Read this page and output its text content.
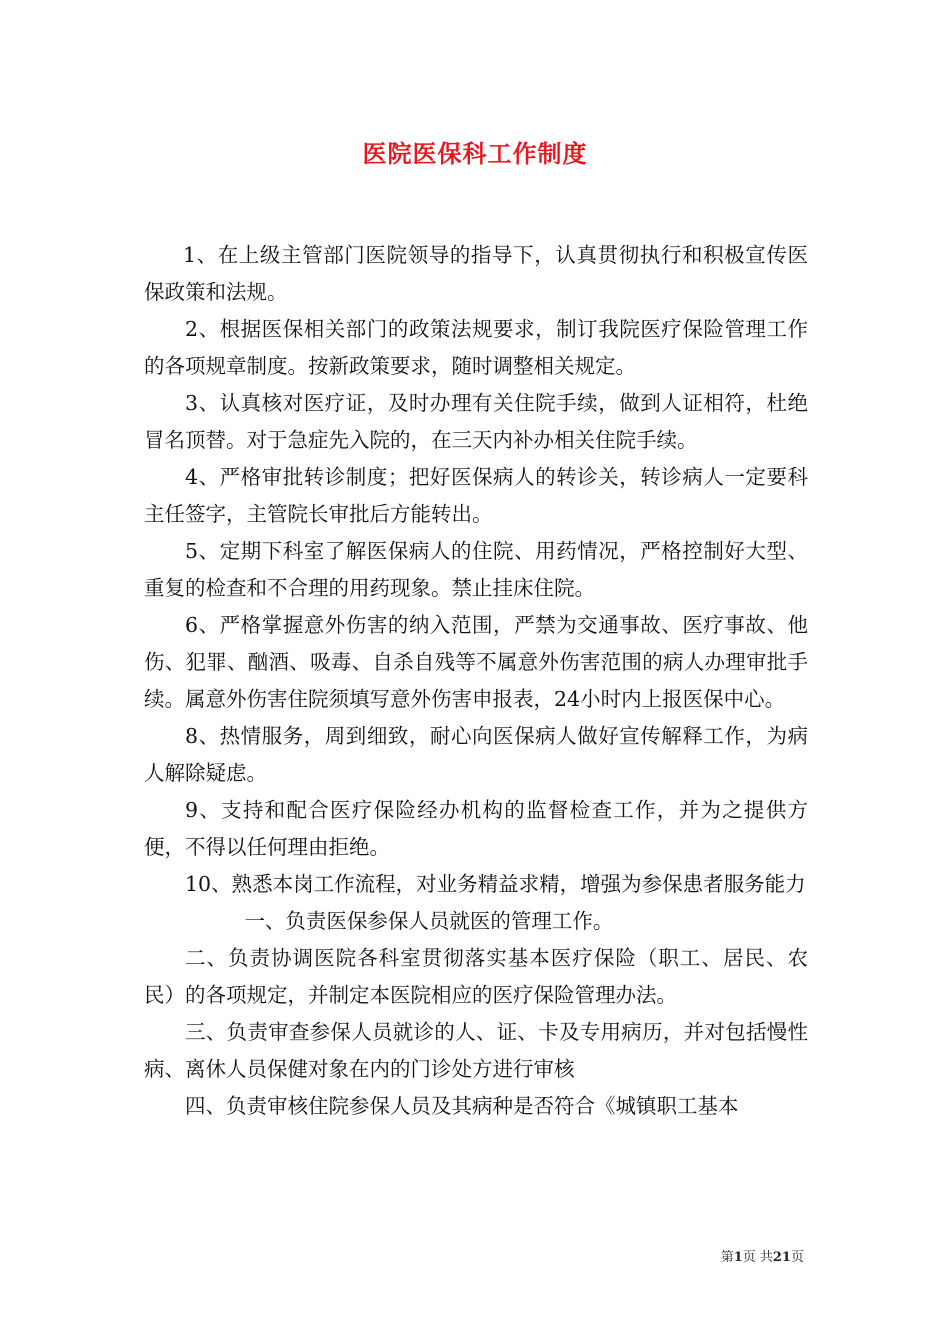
医院医保科工作制度

1、在上级主管部门医院领导的指导下，认真贯彻执行和积极宣传医保政策和法规。

2、根据医保相关部门的政策法规要求，制订我院医疗保险管理工作的各项规章制度。按新政策要求，随时调整相关规定。

3、认真核对医疗证，及时办理有关住院手续，做到人证相符，杜绝冒名顶替。对于急症先入院的，在三天内补办相关住院手续。

4、严格审批转诊制度；把好医保病人的转诊关，转诊病人一定要科主任签字，主管院长审批后方能转出。

5、定期下科室了解医保病人的住院、用药情况，严格控制好大型、重复的检查和不合理的用药现象。禁止挂床住院。

6、严格掌握意外伤害的纳入范围，严禁为交通事故、医疗事故、他伤、犯罪、酗酒、吸毒、自杀自残等不属意外伤害范围的病人办理审批手续。属意外伤害住院须填写意外伤害申报表，24小时内上报医保中心。

8、热情服务，周到细致，耐心向医保病人做好宣传解释工作，为病人解除疑虑。

9、支持和配合医疗保险经办机构的监督检查工作，并为之提供方便，不得以任何理由拒绝。

10、熟悉本岗工作流程，对业务精益求精，增强为参保患者服务能力

一、负责医保参保人员就医的管理工作。

二、负责协调医院各科室贯彻落实基本医疗保险（职工、居民、农民）的各项规定，并制定本医院相应的医疗保险管理办法。

三、负责审查参保人员就诊的人、证、卡及专用病历，并对包括慢性病、离休人员保健对象在内的门诊处方进行审核

四、负责审核住院参保人员及其病种是否符合《城镇职工基本

第1页 共21页
